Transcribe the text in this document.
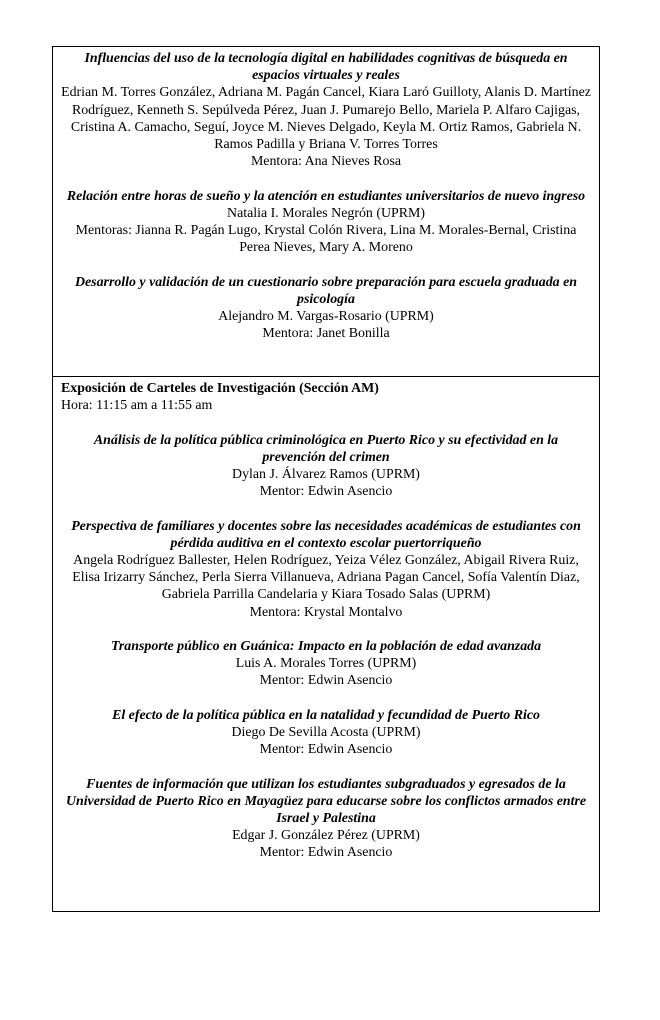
Influencias del uso de la tecnología digital en habilidades cognitivas de búsqueda en espacios virtuales y reales
Edrian M. Torres González, Adriana M. Pagán Cancel, Kiara Laró Guilloty, Alanis D. Martínez Rodríguez, Kenneth S. Sepúlveda Pérez, Juan J. Pumarejo Bello, Mariela P. Alfaro Cajigas, Cristina A. Camacho, Seguí, Joyce M. Nieves Delgado, Keyla M. Ortiz Ramos, Gabriela N. Ramos Padilla y Briana V. Torres Torres
Mentora: Ana Nieves Rosa
Relación entre horas de sueño y la atención en estudiantes universitarios de nuevo ingreso
Natalia I. Morales Negrón (UPRM)
Mentoras: Jianna R. Pagán Lugo, Krystal Colón Rivera, Lina M. Morales-Bernal, Cristina Perea Nieves, Mary A. Moreno
Desarrollo y validación de un cuestionario sobre preparación para escuela graduada en psicología
Alejandro M. Vargas-Rosario (UPRM)
Mentora: Janet Bonilla
Exposición de Carteles de Investigación (Sección AM)
Hora: 11:15 am a 11:55 am
Análisis de la política pública criminológica en Puerto Rico y su efectividad en la prevención del crimen
Dylan J. Álvarez Ramos (UPRM)
Mentor: Edwin Asencio
Perspectiva de familiares y docentes sobre las necesidades académicas de estudiantes con pérdida auditiva en el contexto escolar puertorriqueño
Angela Rodríguez Ballester, Helen Rodríguez, Yeiza Vélez González, Abigail Rivera Ruiz, Elisa Irizarry Sánchez, Perla Sierra Villanueva, Adriana Pagan Cancel, Sofía Valentín Diaz, Gabriela Parrilla Candelaria y Kiara Tosado Salas (UPRM)
Mentora: Krystal Montalvo
Transporte público en Guánica: Impacto en la población de edad avanzada
Luis A. Morales Torres (UPRM)
Mentor: Edwin Asencio
El efecto de la política pública en la natalidad y fecundidad de Puerto Rico
Diego De Sevilla Acosta (UPRM)
Mentor: Edwin Asencio
Fuentes de información que utilizan los estudiantes subgraduados y egresados de la Universidad de Puerto Rico en Mayagüez para educarse sobre los conflictos armados entre Israel y Palestina
Edgar J. González Pérez (UPRM)
Mentor: Edwin Asencio
